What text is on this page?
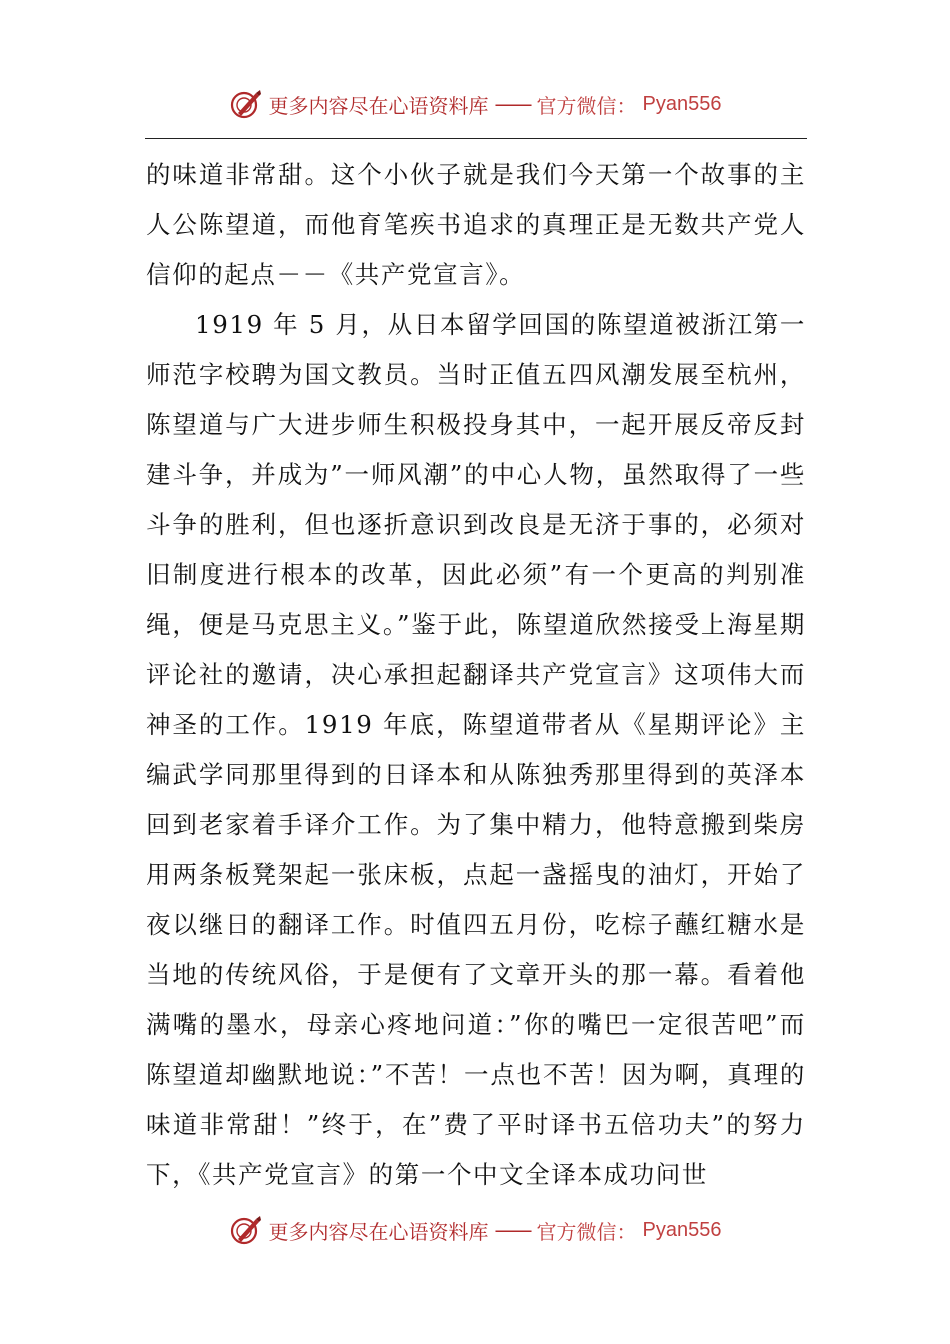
更多内容尽在心语资料库 —— 官方微信： Pyan556

的味道非常甜。这个小伙子就是我们今天第一个故事的主人公陈望道，而他育笔疾书追求的真理正是无数共产党人信仰的起点－－《共产党宣言》。

1919 年 5 月，从日本留学回国的陈望道被浙江第一师范字校聘为国文教员。当时正值五四风潮发展至杭州，陈望道与广大进步师生积极投身其中，一起开展反帝反封建斗争，并成为”一师风潮”的中心人物，虽然取得了一些斗争的胜利，但也逐折意识到改良是无济于事的，必须对旧制度进行根本的改革，因此必须”有一个更高的判别准绳，便是马克思主义。”鉴于此，陈望道欣然接受上海星期评论社的邀请，决心承担起翻译共产党宣言》这项伟大而神圣的工作。1919 年底，陈望道带者从《星期评论》主编武学同那里得到的日译本和从陈独秀那里得到的英泽本回到老家着手译介工作。为了集中精力，他特意搬到柴房用两条板凳架起一张床板，点起一盏摇曳的油灯，开始了夜以继日的翻译工作。时值四五月份，吃棕子蘸红糖水是当地的传统风俗，于是便有了文章开头的那一幕。看着他满嘴的墨水，母亲心疼地问道：”你的嘴巴一定很苦吧”而陈望道却幽默地说：”不苦！一点也不苦！因为啊，真理的味道非常甜！”终于，在”费了平时译书五倍功夫”的努力下，《共产党宣言》的第一个中文全译本成功问世

更多内容尽在心语资料库 —— 官方微信： Pyan556
